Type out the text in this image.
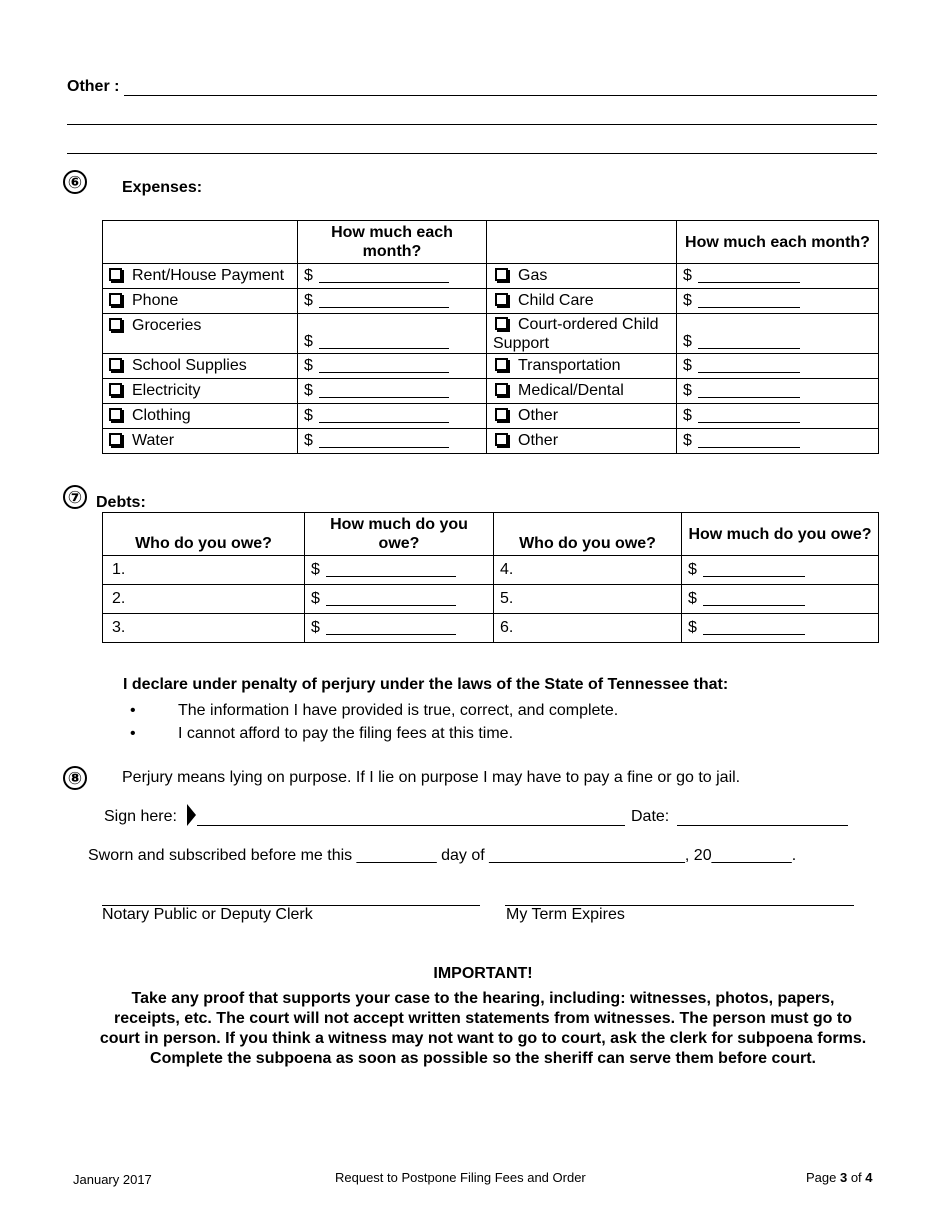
Other :
⑥ Expenses:
	How much each month?		How much each month?
Rent/House Payment	$	Gas	$
Phone	$	Child Care	$
Groceries	$	Court-ordered Child Support	$
School Supplies	$	Transportation	$
Electricity	$	Medical/Dental	$
Clothing	$	Other	$
Water	$	Other	$
⑦ Debts:
Who do you owe?	How much do you owe?	Who do you owe?	How much do you owe?
1.	$	4.	$
2.	$	5.	$
3.	$	6.	$
I declare under penalty of perjury under the laws of the State of Tennessee that:
• The information I have provided is true, correct, and complete.
• I cannot afford to pay the filing fees at this time.
⑧ Perjury means lying on purpose. If I lie on purpose I may have to pay a fine or go to jail.
Sign here:	Date:
Sworn and subscribed before me this _________ day of ______________________, 20_________.
Notary Public or Deputy Clerk	My Term Expires
IMPORTANT!
Take any proof that supports your case to the hearing, including: witnesses, photos, papers,
receipts, etc. The court will not accept written statements from witnesses. The person must go to
court in person. If you think a witness may not want to go to court, ask the clerk for subpoena forms.
Complete the subpoena as soon as possible so the sheriff can serve them before court.
January 2017	Request to Postpone Filing Fees and Order	Page 3 of 4
